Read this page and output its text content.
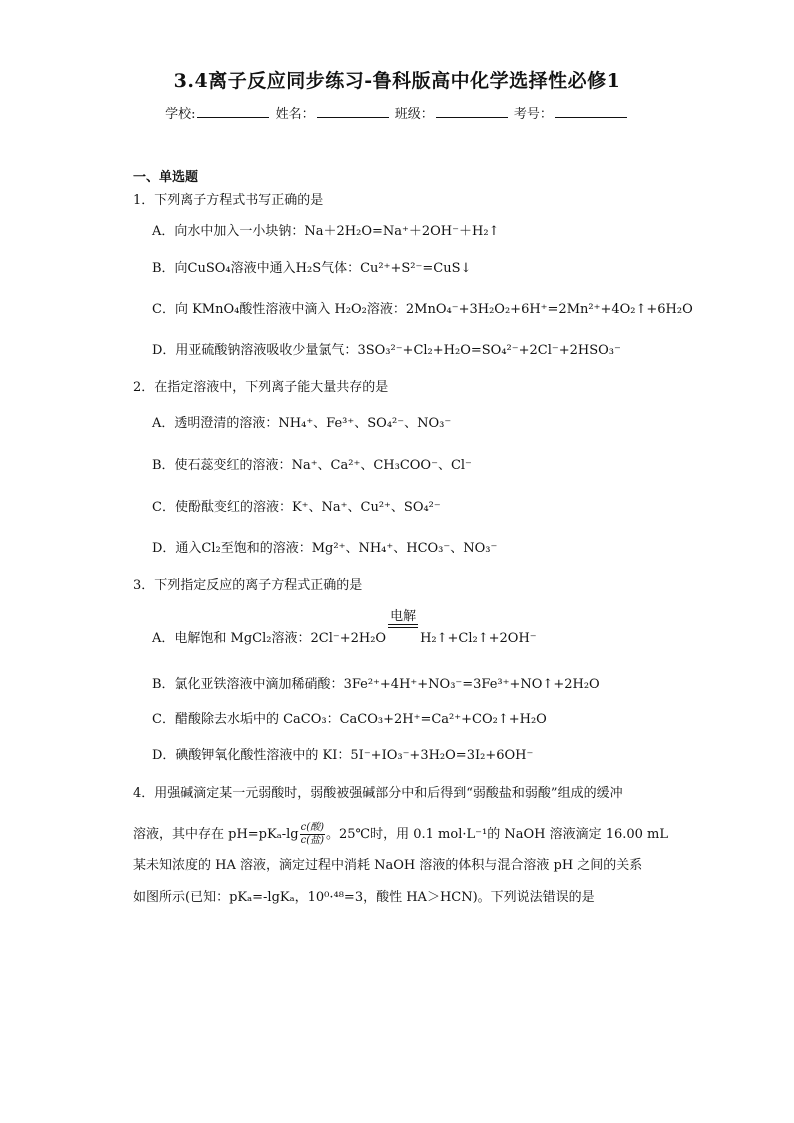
3.4离子反应同步练习-鲁科版高中化学选择性必修1
学校:	姓名：	班级：	考号：
一、单选题
1．下列离子方程式书写正确的是
A．向水中加入一小块钠：Na＋2H₂O=Na⁺＋2OH⁻＋H₂↑
B．向CuSO₄溶液中通入H₂S气体：Cu²⁺+S²⁻=CuS↓
C．向 KMnO₄酸性溶液中滴入 H₂O₂溶液：2MnO₄⁻+3H₂O₂+6H⁺=2Mn²⁺+4O₂↑+6H₂O
D．用亚硫酸钠溶液吸收少量氯气：3SO₃²⁻+Cl₂+H₂O=SO₄²⁻+2Cl⁻+2HSO₃⁻
2．在指定溶液中，下列离子能大量共存的是
A．透明澄清的溶液：NH₄⁺、Fe³⁺、SO₄²⁻、NO₃⁻
B．使石蕊变红的溶液：Na⁺、Ca²⁺、CH₃COO⁻、Cl⁻
C．使酚酞变红的溶液：K⁺、Na⁺、Cu²⁺、SO₄²⁻
D．通入Cl₂至饱和的溶液：Mg²⁺、NH₄⁺、HCO₃⁻、NO₃⁻
3．下列指定反应的离子方程式正确的是
A．电解饱和 MgCl₂溶液：2Cl⁻+2H₂O
电解
H₂↑+Cl₂↑+2OH⁻
B．氯化亚铁溶液中滴加稀硝酸：3Fe²⁺+4H⁺+NO₃⁻=3Fe³⁺+NO↑+2H₂O
C．醋酸除去水垢中的 CaCO₃：CaCO₃+2H⁺=Ca²⁺+CO₂↑+H₂O
D．碘酸钾氧化酸性溶液中的 KI：5I⁻+IO₃⁻+3H₂O=3I₂+6OH⁻
4．用强碱滴定某一元弱酸时，弱酸被强碱部分中和后得到“弱酸盐和弱酸”组成的缓冲
溶液，其中存在 $pH=pK_a-\lg \frac{\text{c(酸)}}{\text{c(盐)}}$ 。25℃时，用 0.1 mol·L⁻¹的 NaOH 溶液滴定 16.00 mL
某未知浓度的 HA 溶液，滴定过程中消耗 NaOH 溶液的体积与混合溶液 pH 之间的关系
如图所示(已知：pKₐ=-lgKₐ，10⁰·⁴⁸=3，酸性 HA＞HCN)。下列说法错误的是
